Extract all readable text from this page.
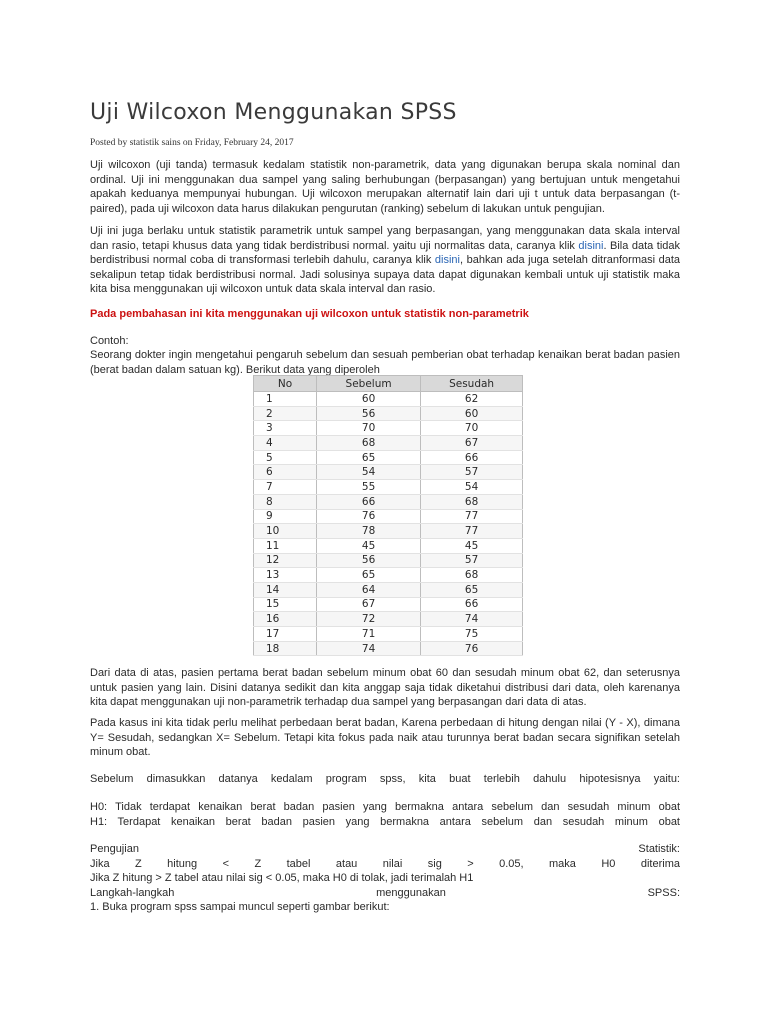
Uji Wilcoxon Menggunakan SPSS
Posted by statistik sains on Friday, February 24, 2017

Uji wilcoxon (uji tanda) termasuk kedalam statistik non-parametrik, data yang digunakan berupa skala nominal dan ordinal. Uji ini menggunakan dua sampel yang saling berhubungan (berpasangan) yang bertujuan untuk mengetahui apakah keduanya mempunyai hubungan. Uji wilcoxon merupakan alternatif lain dari uji t untuk data berpasangan (t-paired), pada uji wilcoxon data harus dilakukan pengurutan (ranking) sebelum di lakukan untuk pengujian.

Uji ini juga berlaku untuk statistik parametrik untuk sampel yang berpasangan, yang menggunakan data skala interval dan rasio, tetapi khusus data yang tidak berdistribusi normal. yaitu uji normalitas data, caranya klik disini. Bila data tidak berdistribusi normal coba di transformasi terlebih dahulu, caranya klik disini, bahkan ada juga setelah ditranformasi data sekalipun tetap tidak berdistribusi normal. Jadi solusinya supaya data dapat digunakan kembali untuk uji statistik maka kita bisa menggunakan uji wilcoxon untuk data skala interval dan rasio.

Pada pembahasan ini kita menggunakan uji wilcoxon untuk statistik non-parametrik
Contoh:

Seorang dokter ingin mengetahui pengaruh sebelum dan sesuah pemberian obat terhadap kenaikan berat badan pasien (berat badan dalam satuan kg). Berikut data yang diperoleh

No	Sebelum	Sesudah
1	60	62
2	56	60
3	70	70
4	68	67
5	65	66
6	54	57
7	55	54
8	66	68
9	76	77
10	78	77
11	45	45
12	56	57
13	65	68
14	64	65
15	67	66
16	72	74
17	71	75
18	74	76

Dari data di atas, pasien pertama berat badan sebelum minum obat 60 dan sesudah minum obat 62, dan seterusnya untuk pasien yang lain. Disini datanya sedikit dan kita anggap saja tidak diketahui distribusi dari data, oleh karenanya kita dapat menggunakan uji non-parametrik terhadap dua sampel yang berpasangan dari data di atas.

Pada kasus ini kita tidak perlu melihat perbedaan berat badan, Karena perbedaan di hitung dengan nilai (Y - X), dimana Y= Sesudah, sedangkan X= Sebelum. Tetapi kita fokus pada naik atau turunnya berat badan secara signifikan setelah minum obat.

Sebelum dimasukkan datanya kedalam program spss, kita buat terlebih dahulu hipotesisnya yaitu:

H0: Tidak terdapat kenaikan berat badan pasien yang bermakna antara sebelum dan sesudah minum obat
H1: Terdapat kenaikan berat badan pasien yang bermakna antara sebelum dan sesudah minum obat
Pengujian Statistik:
Jika Z hitung < Z tabel atau nilai sig > 0.05, maka H0 diterima
Jika Z hitung > Z tabel atau nilai sig < 0.05, maka H0 di tolak, jadi terimalah H1
Langkah-langkah menggunakan SPSS:
1. Buka program spss sampai muncul seperti gambar berikut:
